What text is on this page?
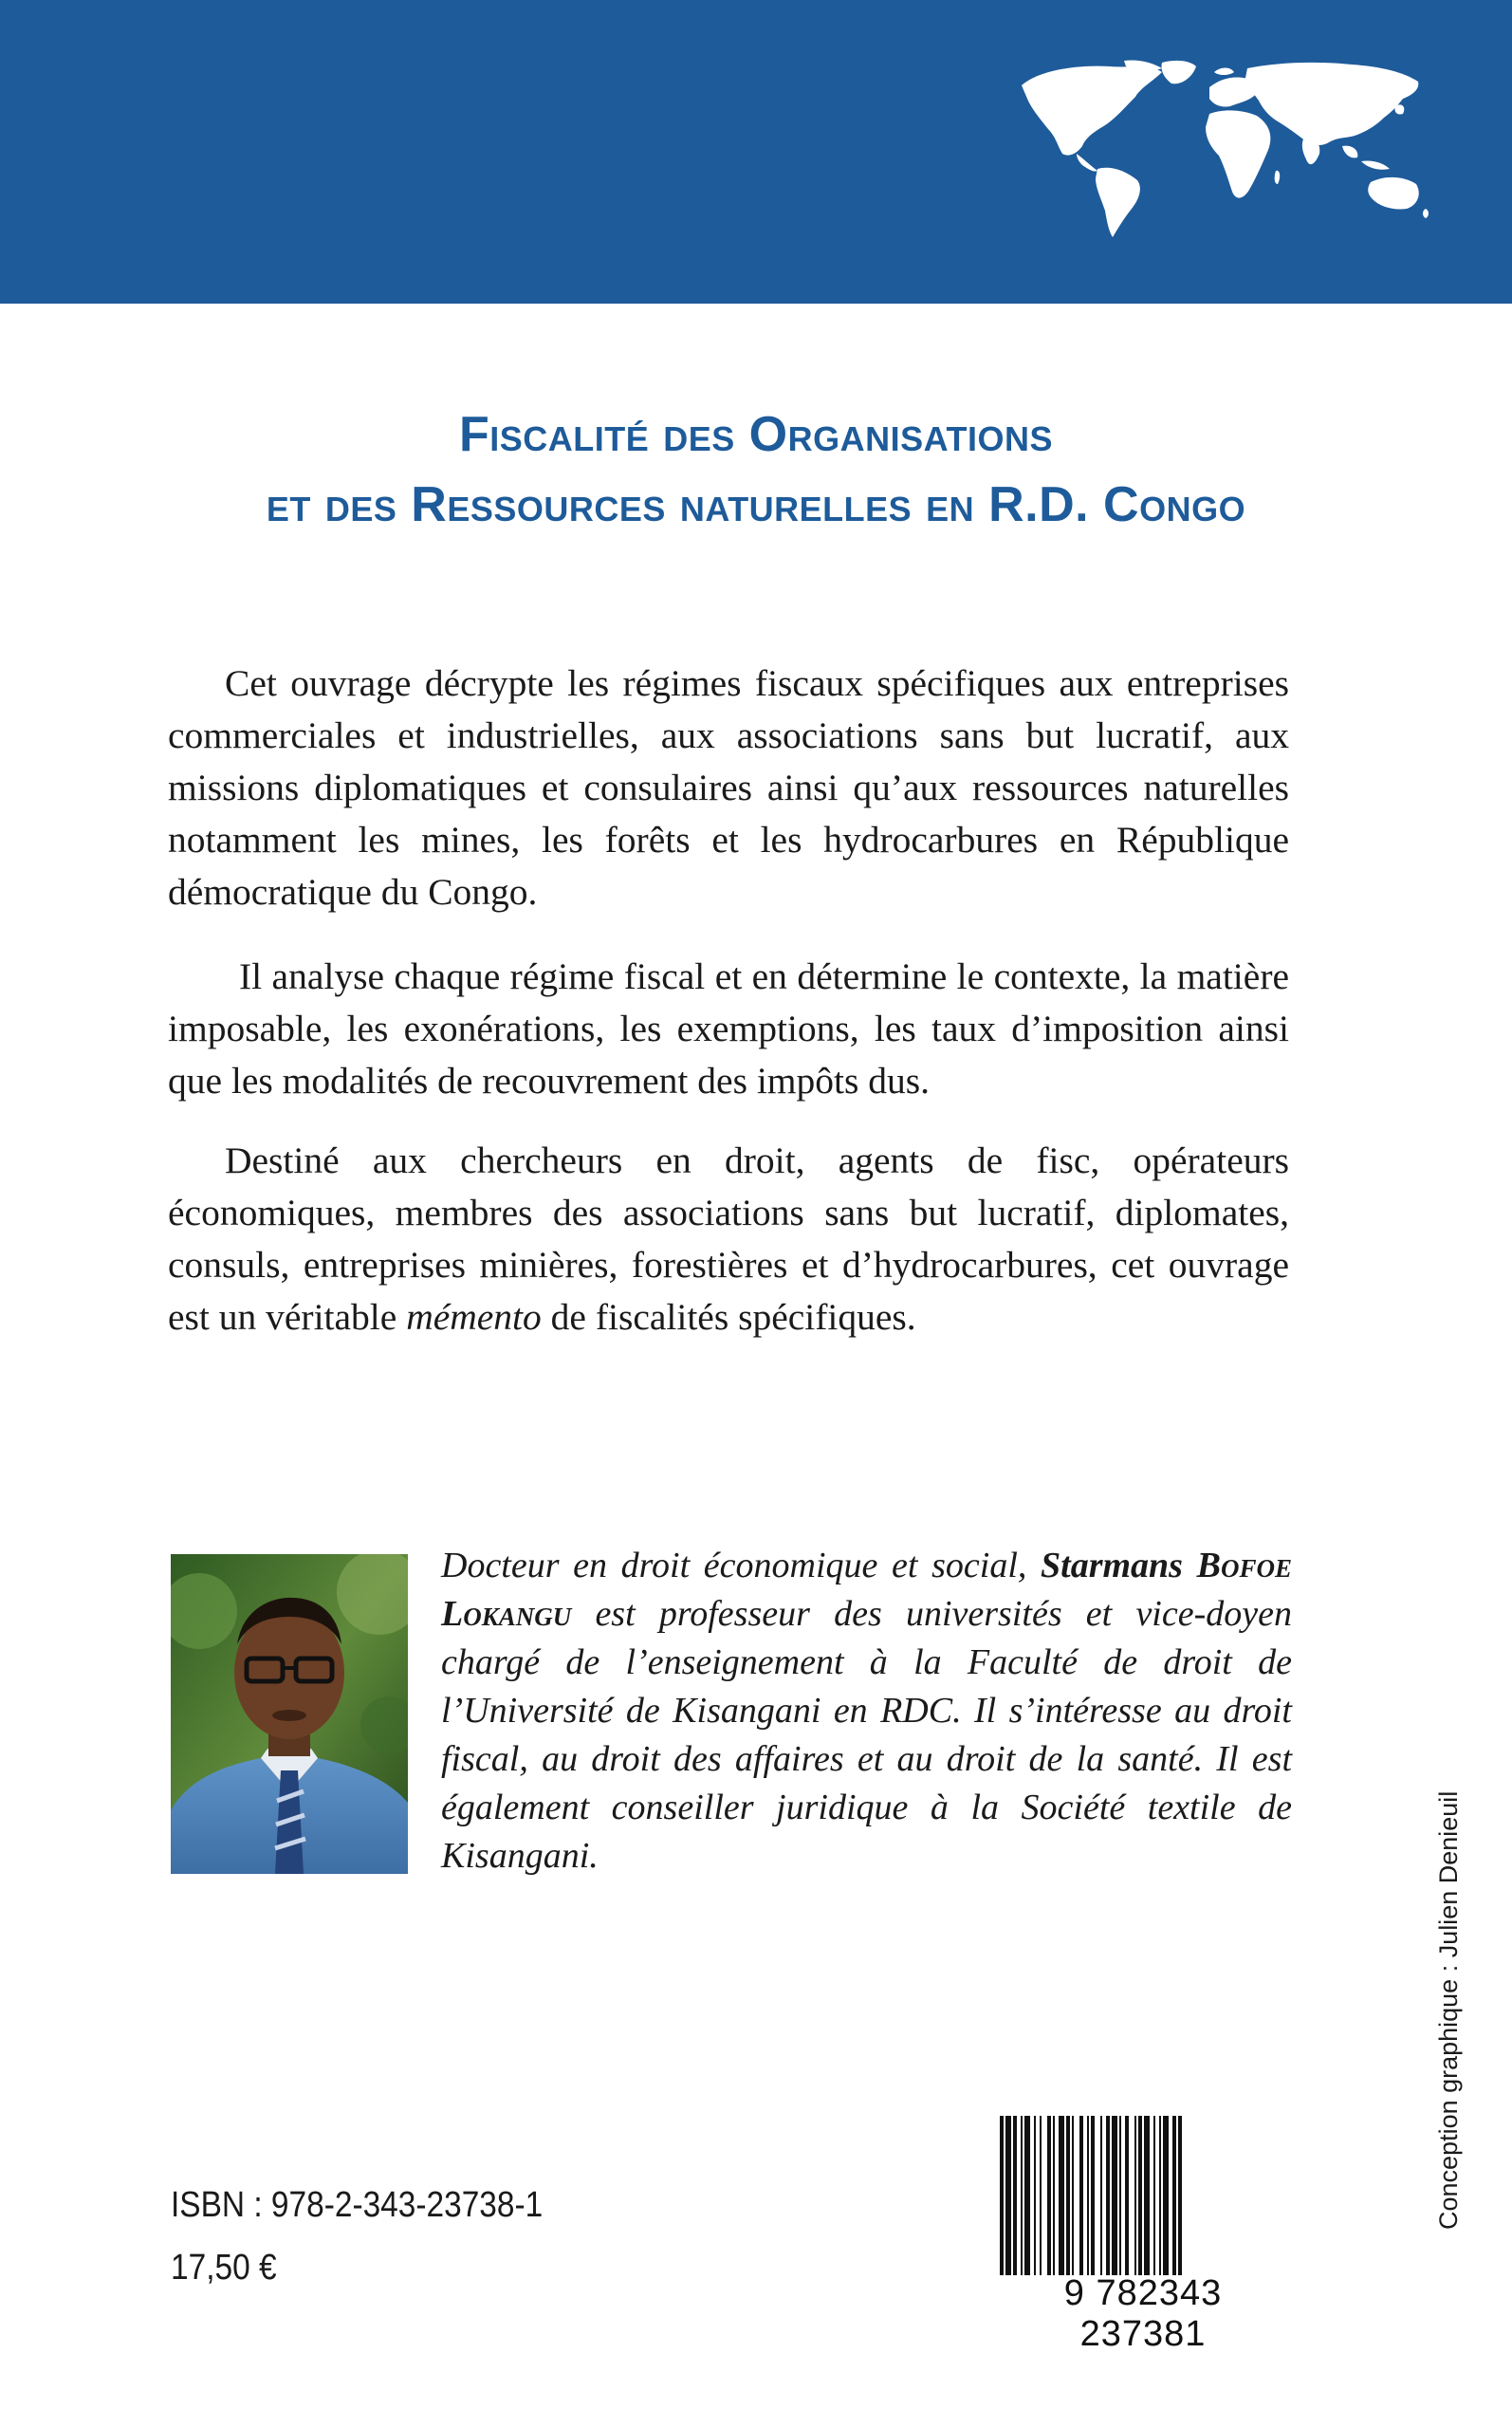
Fiscalité des Organisations
et des Ressources naturelles en R.D. Congo

Cet ouvrage décrypte les régimes fiscaux spécifiques aux entreprises commerciales et industrielles, aux associations sans but lucratif, aux missions diplomatiques et consulaires ainsi qu’aux ressources naturelles notamment les mines, les forêts et les hydrocarbures en République démocratique du Congo.

Il analyse chaque régime fiscal et en détermine le contexte, la matière imposable, les exonérations, les exemptions, les taux d’imposition ainsi que les modalités de recouvrement des impôts dus.

Destiné aux chercheurs en droit, agents de fisc, opérateurs économiques, membres des associations sans but lucratif, diplomates, consuls, entreprises minières, forestières et d’hydrocarbures, cet ouvrage est un véritable mémento de fiscalités spécifiques.

Docteur en droit économique et social, Starmans Bofoe Lokangu est professeur des universités et vice-doyen chargé de l’enseignement à la Faculté de droit de l’Université de Kisangani en RDC. Il s’intéresse au droit fiscal, au droit des affaires et au droit de la santé. Il est également conseiller juridique à la Société textile de Kisangani.	Conception graphique : Julien Denieuil
ISBN : 978-2-343-23738-1
17,50 €
9 782343 237381
